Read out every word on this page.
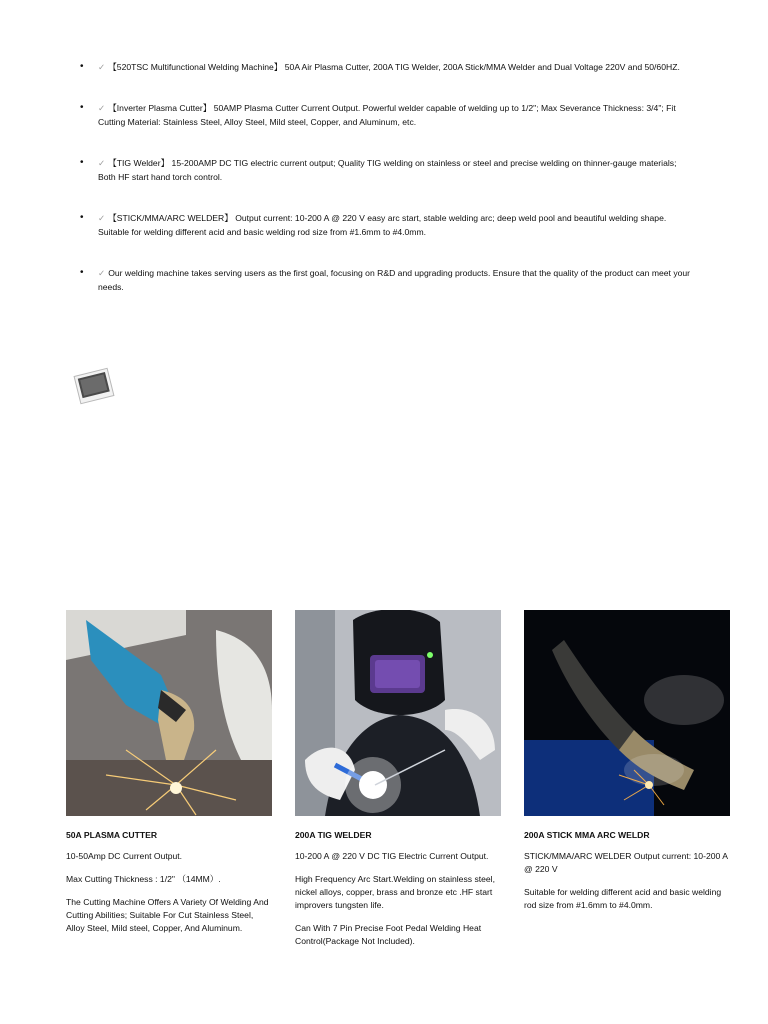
• ✓ 【520TSC Multifunctional Welding Machine】 50A Air Plasma Cutter, 200A TIG Welder, 200A Stick/MMA Welder and Dual Voltage 220V and 50/60HZ.
• ✓ 【Inverter Plasma Cutter】 50AMP Plasma Cutter Current Output. Powerful welder capable of welding up to 1/2"; Max Severance Thickness: 3/4"; Fit Cutting Material: Stainless Steel, Alloy Steel, Mild steel, Copper, and Aluminum, etc.
• ✓ 【TIG Welder】 15-200AMP DC TIG electric current output; Quality TIG welding on stainless or steel and precise welding on thinner-gauge materials; Both HF start hand torch control.
• ✓ 【STICK/MMA/ARC WELDER】 Output current: 10-200 A @ 220 V easy arc start, stable welding arc; deep weld pool and beautiful welding shape. Suitable for welding different acid and basic welding rod size from #1.6mm to #4.0mm.
• ✓ Our welding machine takes serving users as the first goal, focusing on R&D and upgrading products. Ensure that the quality of the product can meet your needs.
50A PLASMA CUTTER
10-50Amp DC Current Output.
Max Cutting Thickness : 1/2" （14MM）.
The Cutting Machine Offers A Variety Of Welding And Cutting Abilities; Suitable For Cut Stainless Steel, Alloy Steel, Mild steel, Copper, And Aluminum.
200A TIG WELDER
10-200 A @ 220 V DC TIG Electric Current Output.
High Frequency Arc Start.Welding on stainless steel, nickel alloys, copper, brass and bronze etc .HF start improvers tungsten life.
Can With 7 Pin Precise Foot Pedal Welding Heat Control(Package Not Included).
200A STICK MMA ARC WELDR
STICK/MMA/ARC WELDER Output current: 10-200 A @ 220 V
Suitable for welding different acid and basic welding rod size from #1.6mm to #4.0mm.
